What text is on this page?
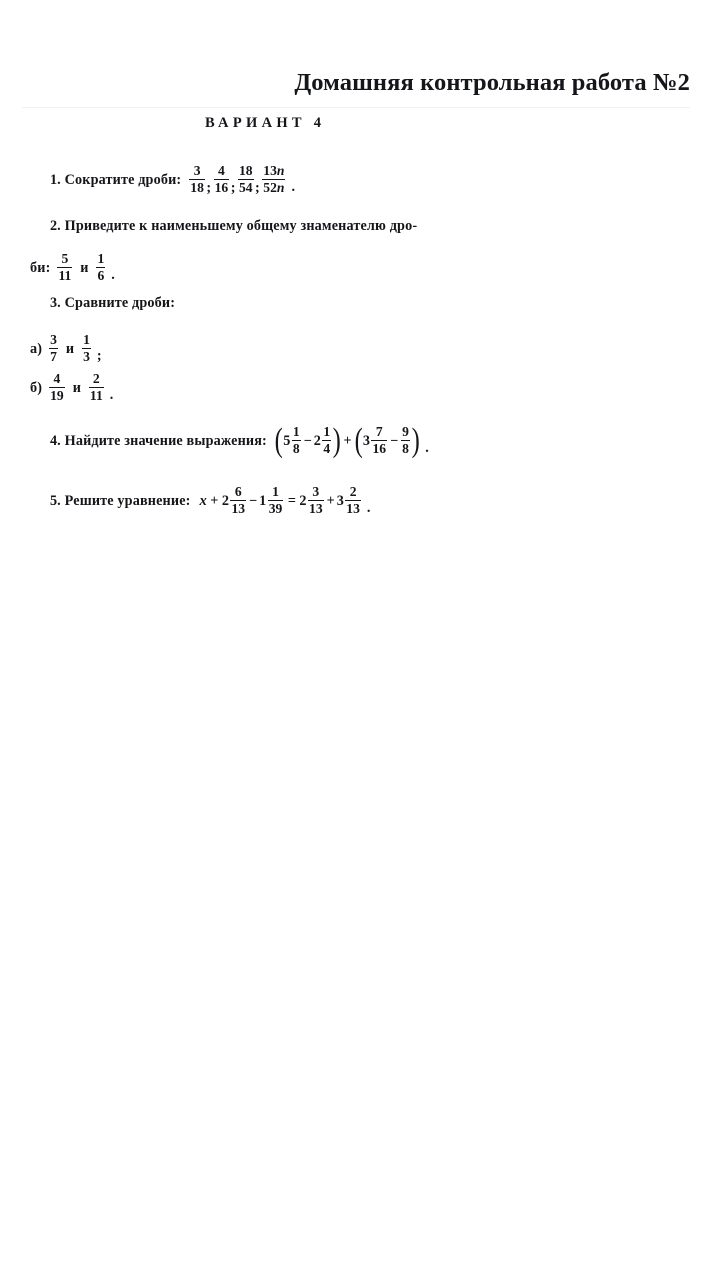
Домашняя контрольная работа №2
ВАРИАНТ 4
1. Сократите дроби: $\frac{3}{18}$ ; $\frac{4}{16}$ ; $\frac{18}{54}$ ; $\frac{13n}{52n}$ .
2. Приведите к наименьшему общему знаменателю дро-
би: $\frac{5}{11}$ и $\frac{1}{6}$ .
3. Сравните дроби:
$а) \frac{3}{7}$ и $\frac{1}{3}$ ;
$б) \frac{4}{19}$ и $\frac{2}{11}$ .
4. Найдите значение выражения: ( $5 \frac{1}{8} - 2 \frac{1}{4}$ ) + ( $3 \frac{7}{16} - \frac{9}{8}$ ) .
5. Решите уравнение: $x + 2 \frac{6}{13} - 1 \frac{1}{39} = 2 \frac{3}{13} + 3 \frac{2}{13}$ .
